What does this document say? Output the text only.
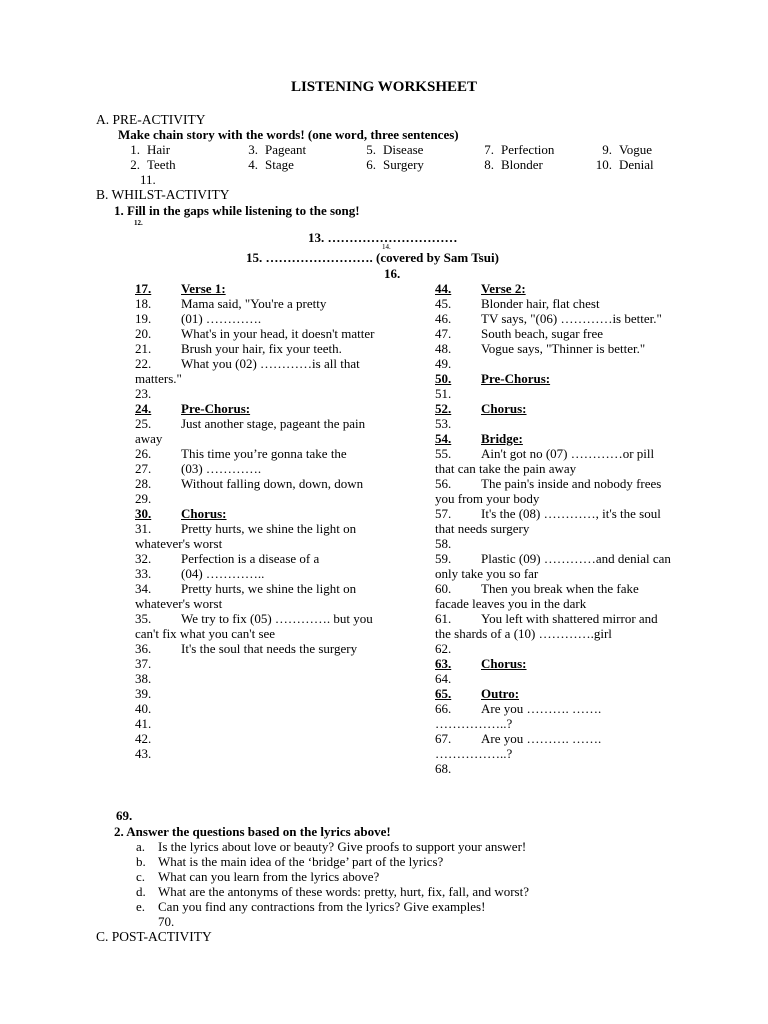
LISTENING WORKSHEET
A. PRE-ACTIVITY
Make chain story with the words! (one word, three sentences)
1. Hair
2. Teeth
3. Pageant
4. Stage
5. Disease
6. Surgery
7. Perfection
8. Blonder
9. Vogue
10. Denial
11.
B. WHILST-ACTIVITY
1. Fill in the gaps while listening to the song!
12.
13. …………………………
14.
15. ……………………. (covered by Sam Tsui)
16.
17. Verse 1:
18. Mama said, "You're a pretty
19. (01) ………….
20. What's in your head, it doesn't matter
21. Brush your hair, fix your teeth.
22. What you (02) …………is all that matters."
23.
24. Pre-Chorus:
25. Just another stage, pageant the pain away
26. This time you’re gonna take the
27. (03) ………….
28. Without falling down, down, down
29.
30. Chorus:
31. Pretty hurts, we shine the light on whatever's worst
32. Perfection is a disease of a
33. (04) …………..
34. Pretty hurts, we shine the light on whatever's worst
35. We try to fix (05) …………. but you can't fix what you can't see
36. It's the soul that needs the surgery
37.
38.
39.
40.
41.
42.
43.
44. Verse 2:
45. Blonder hair, flat chest
46. TV says, "(06) …………is better."
47. South beach, sugar free
48. Vogue says, "Thinner is better."
49.
50. Pre-Chorus:
51.
52. Chorus:
53.
54. Bridge:
55. Ain't got no (07) …………or pill that can take the pain away
56. The pain's inside and nobody frees you from your body
57. It's the (08) …………, it's the soul that needs surgery
58.
59. Plastic (09) …………and denial can only take you so far
60. Then you break when the fake facade leaves you in the dark
61. You left with shattered mirror and the shards of a (10) ………….girl
62.
63. Chorus:
64.
65. Outro:
66. Are you ………. ……. ……………..?
67. Are you ………. ……. ……………..?
68.
69.
2. Answer the questions based on the lyrics above!
a. Is the lyrics about love or beauty? Give proofs to support your answer!
b. What is the main idea of the ‘bridge’ part of the lyrics?
c. What can you learn from the lyrics above?
d. What are the antonyms of these words: pretty, hurt, fix, fall, and worst?
e. Can you find any contractions from the lyrics? Give examples!
70.
C. POST-ACTIVITY
